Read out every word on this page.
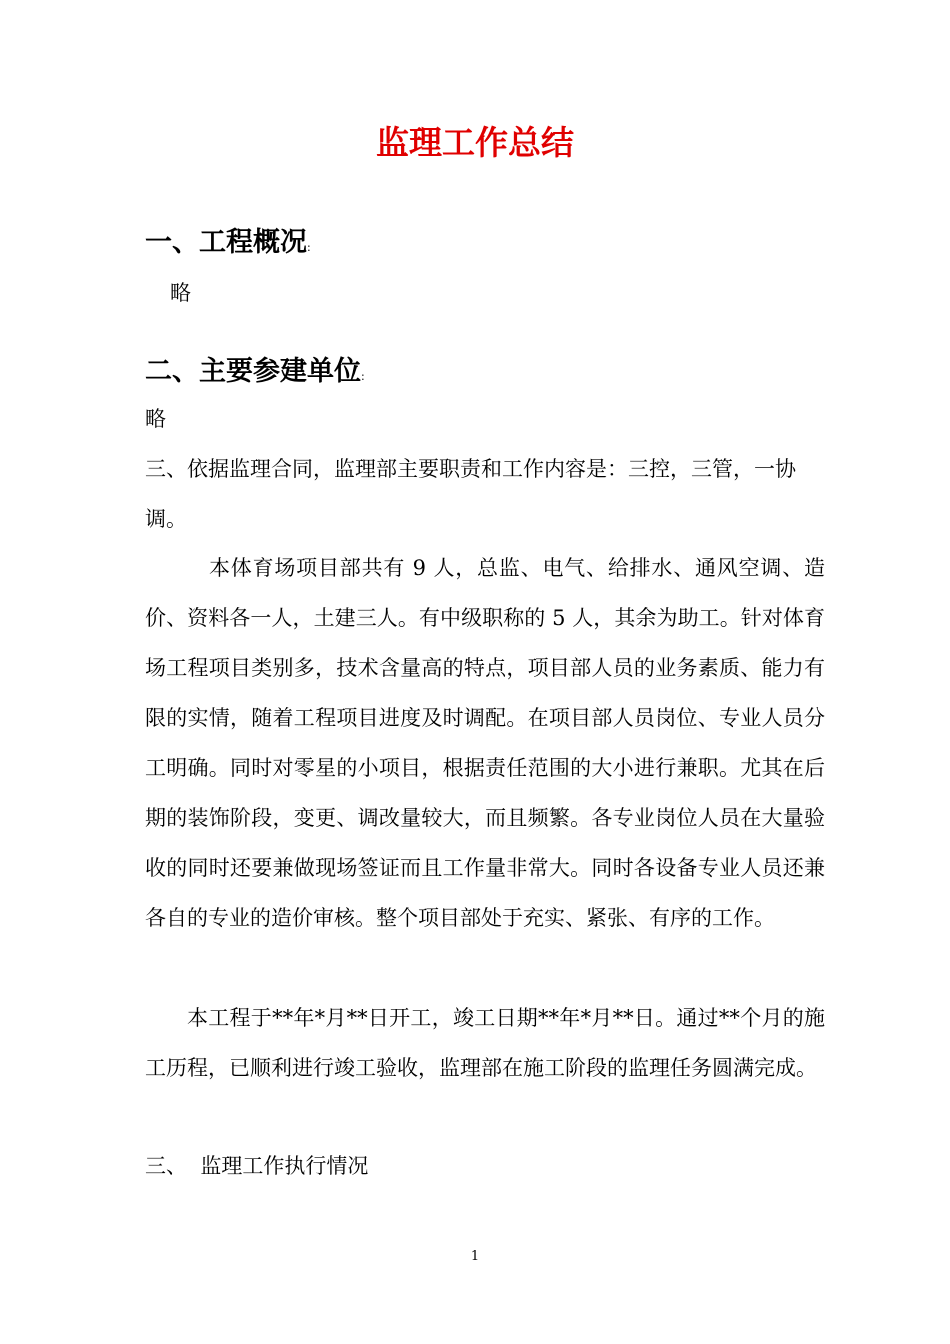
监理工作总结
一、工程概况:
略
二、主要参建单位:
略
三、依据监理合同，监理部主要职责和工作内容是：三控，三管，一协
调。

本体育场项目部共有 9 人，总监、电气、给排水、通风空调、造价、资料各一人，土建三人。有中级职称的 5 人，其余为助工。针对体育场工程项目类别多，技术含量高的特点，项目部人员的业务素质、能力有限的实情，随着工程项目进度及时调配。在项目部人员岗位、专业人员分工明确。同时对零星的小项目，根据责任范围的大小进行兼职。尤其在后期的装饰阶段，变更、调改量较大，而且频繁。各专业岗位人员在大量验收的同时还要兼做现场签证而且工作量非常大。同时各设备专业人员还兼各自的专业的造价审核。整个项目部处于充实、紧张、有序的工作。

本工程于**年*月**日开工，竣工日期**年*月**日。通过**个月的施工历程，已顺利进行竣工验收，监理部在施工阶段的监理任务圆满完成。

三、  监理工作执行情况
1
